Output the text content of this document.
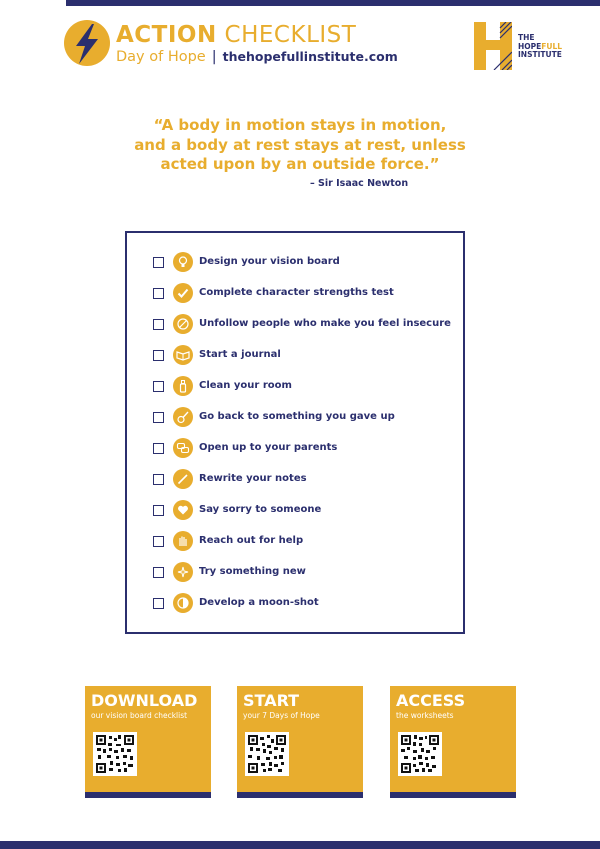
ACTION CHECKLIST
Day of Hope | thehopefullinstitute.com
THE
HOPEFULL
INSTITUTE
“A body in motion stays in motion,
and a body at rest stays at rest, unless
acted upon by an outside force.”
– Sir Isaac Newton
Design your vision board
Complete character strengths test
Unfollow people who make you feel insecure
Start a journal
Clean your room
Go back to something you gave up
Open up to your parents
Rewrite your notes
Say sorry to someone
Reach out for help
Try something new
Develop a moon-shot
DOWNLOAD
our vision board checklist
START
your 7 Days of Hope
ACCESS
the worksheets
